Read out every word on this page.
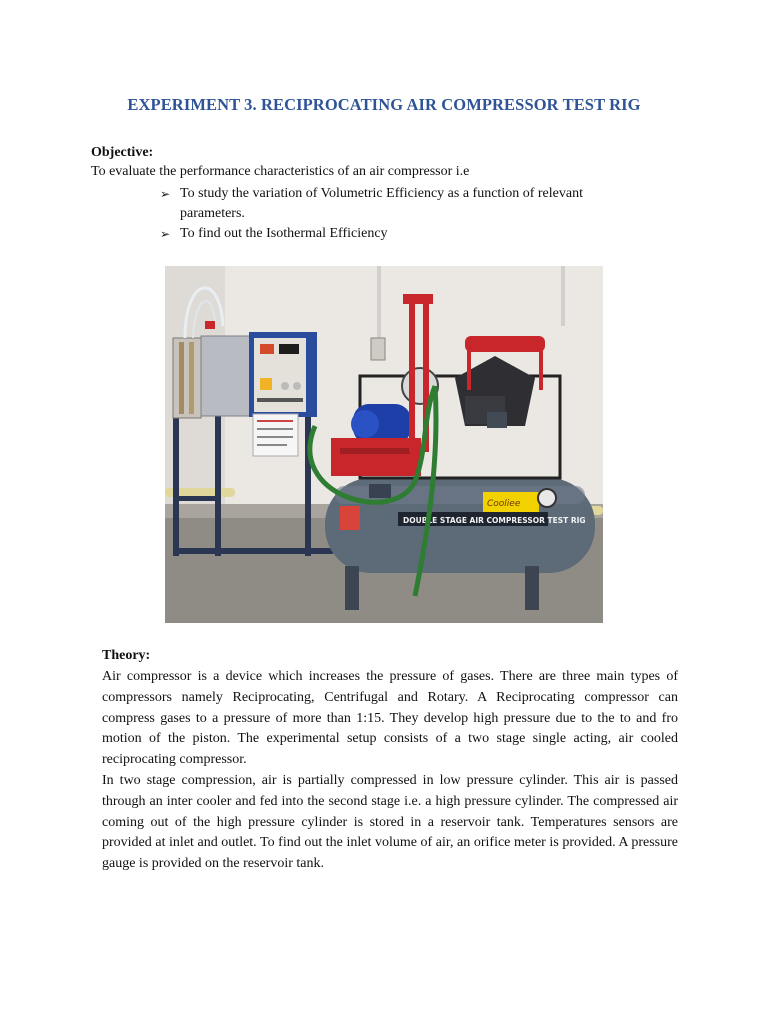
EXPERIMENT 3. RECIPROCATING AIR COMPRESSOR TEST RIG
Objective:
To evaluate the performance characteristics of an air compressor i.e
➢ To study the variation of Volumetric Efficiency as a function of relevant parameters.
➢ To find out the Isothermal Efficiency
DOUBLE STAGE AIR COMPRESSOR TEST RIG
Cooliee
Theory:

Air compressor is a device which increases the pressure of gases. There are three main types of compressors namely Reciprocating, Centrifugal and Rotary. A Reciprocating compressor can compress gases to a pressure of more than 1:15. They develop high pressure due to the to and fro motion of the piston. The experimental setup consists of a two stage single acting, air cooled reciprocating compressor.

In two stage compression, air is partially compressed in low pressure cylinder. This air is passed through an inter cooler and fed into the second stage i.e. a high pressure cylinder. The compressed air coming out of the high pressure cylinder is stored in a reservoir tank. Temperatures sensors are provided at inlet and outlet. To find out the inlet volume of air, an orifice meter is provided. A pressure gauge is provided on the reservoir tank.
